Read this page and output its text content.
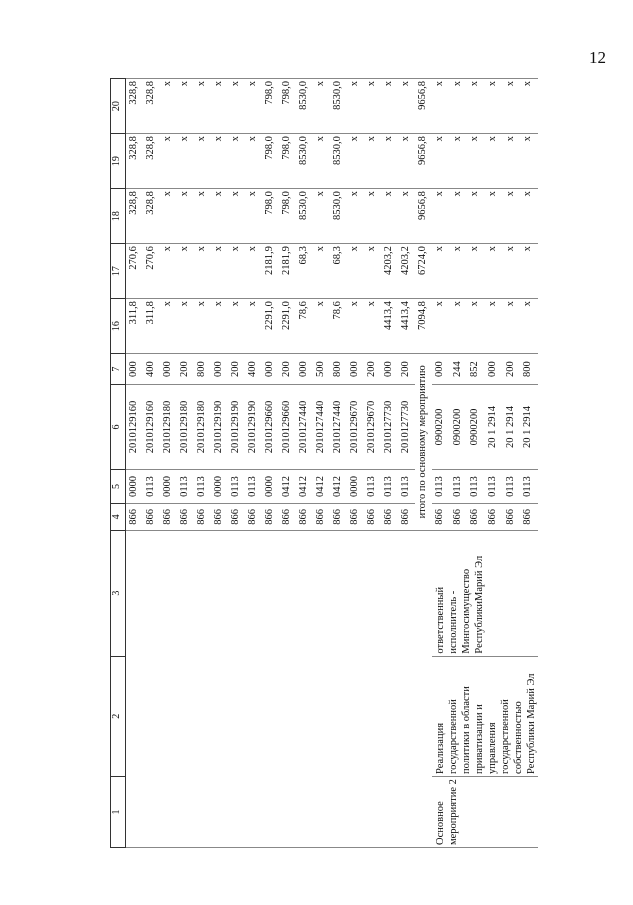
12
1	2	3	4	5	6	7	16	17	18	19	20
			866	0000	2010129160	000	311,8	270,6	328,8	328,8	328,8
			866	0113	2010129160	400	311,8	270,6	328,8	328,8	328,8
			866	0000	2010129180	000	x	x	x	x	x
			866	0113	2010129180	200	x	x	x	x	x
			866	0113	2010129180	800	x	x	x	x	x
			866	0000	2010129190	000	x	x	x	x	x
			866	0113	2010129190	200	x	x	x	x	x
			866	0113	2010129190	400	x	x	x	x	x
			866	0000	2010129660	000	2291,0	2181,9	798,0	798,0	798,0
			866	0412	2010129660	200	2291,0	2181,9	798,0	798,0	798,0
			866	0412	2010127440	000	78,6	68,3	8530,0	8530,0	8530,0
			866	0412	2010127440	500	x	x	x	x	x
			866	0412	2010127440	800	78,6	68,3	8530,0	8530,0	8530,0
			866	0000	2010129670	000	x	x	x	x	x
			866	0113	2010129670	200	x	x	x	x	x
			866	0113	2010127730	000	4413,4	4203,2	x	x	x
			866	0113	2010127730	200	4413,4	4203,2	x	x	x
			итого по основному мероприятию				7094,8	6724,0	9656,8	9656,8	9656,8
Основное мероприятие 2	Реализация государственной политики в области приватизации и управления государственной собственностью Республики Марий Эл	ответственный исполнитель - Мингосимущество РеспубликиМарий Эл	866	0113	0900200	000	x	x	x	x	x
			866	0113	0900200	244	x	x	x	x	x
			866	0113	0900200	852	x	x	x	x	x
			866	0113	20 1 2914	000	x	x	x	x	x
			866	0113	20 1 2914	200	x	x	x	x	x
			866	0113	20 1 2914	800	x	x	x	x	x
